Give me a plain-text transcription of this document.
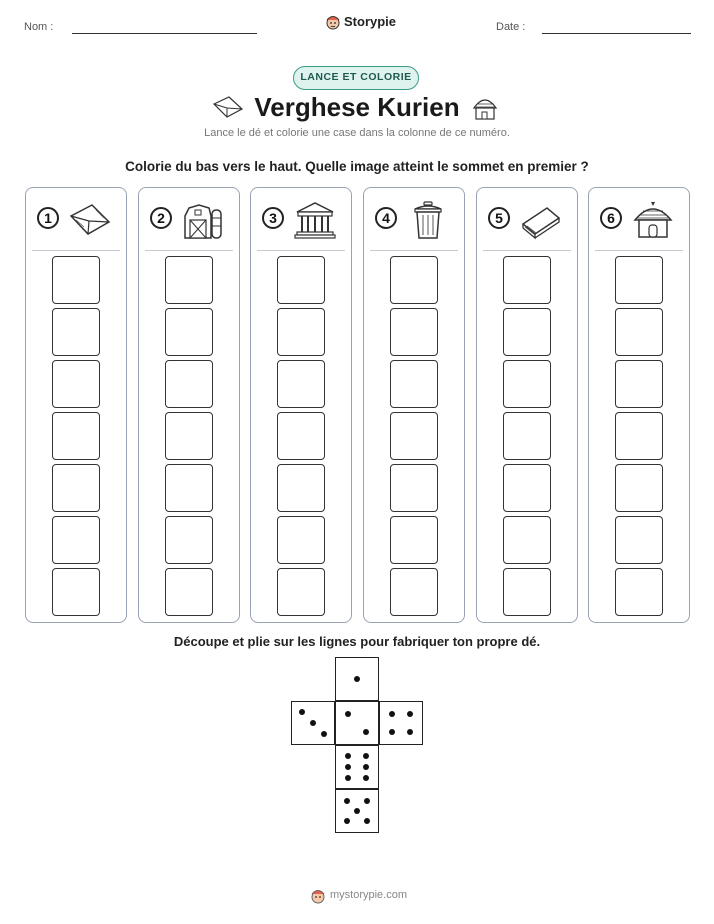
Nom :	Storypie	Date :
LANCE ET COLORIE
Verghese Kurien
Lance le dé et colorie une case dans la colonne de ce numéro.
Colorie du bas vers le haut. Quelle image atteint le sommet en premier ?
1	2	3	4	5	6
Découpe et plie sur les lignes pour fabriquer ton propre dé.
mystorypie.com
